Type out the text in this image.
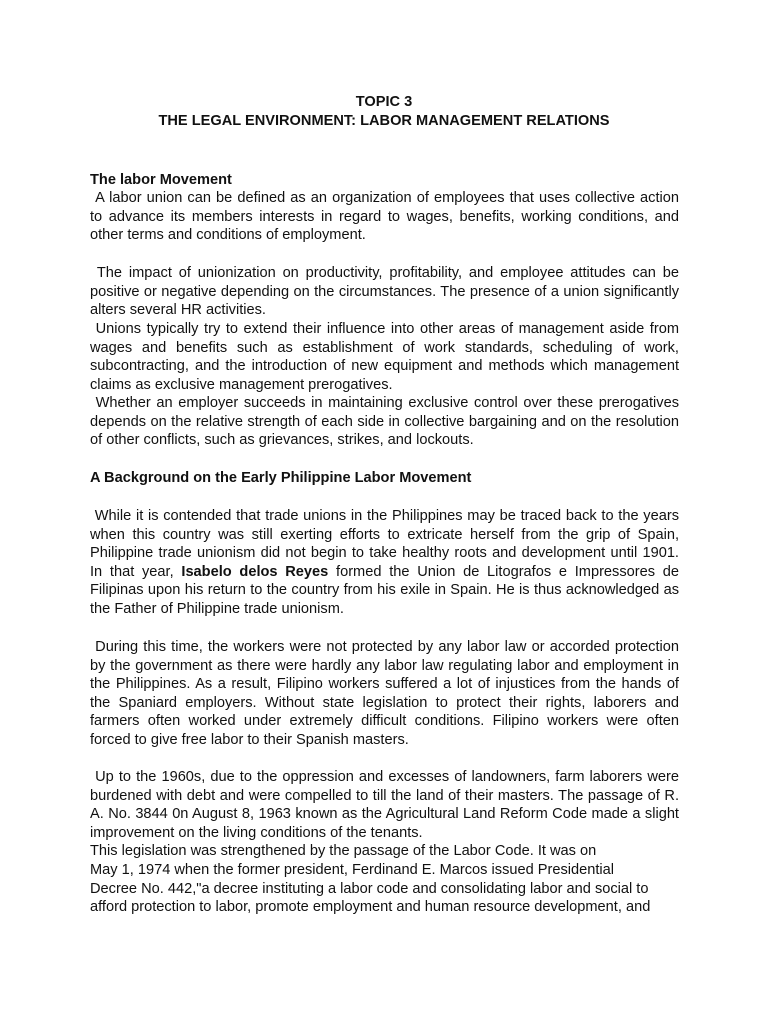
TOPIC 3
THE LEGAL ENVIRONMENT: LABOR MANAGEMENT RELATIONS
The labor Movement
A labor union can be defined as an organization of employees that uses collective action to advance its members interests in regard to wages, benefits, working conditions, and other terms and conditions of employment.
The impact of unionization on productivity, profitability, and employee attitudes can be positive or negative depending on the circumstances. The presence of a union significantly alters several HR activities.
Unions typically try to extend their influence into other areas of management aside from wages and benefits such as establishment of work standards, scheduling of work, subcontracting, and the introduction of new equipment and methods which management claims as exclusive management prerogatives.
Whether an employer succeeds in maintaining exclusive control over these prerogatives depends on the relative strength of each side in collective bargaining and on the resolution of other conflicts, such as grievances, strikes, and lockouts.
A Background on the Early Philippine Labor Movement
While it is contended that trade unions in the Philippines may be traced back to the years when this country was still exerting efforts to extricate herself from the grip of Spain, Philippine trade unionism did not begin to take healthy roots and development until 1901. In that year, Isabelo delos Reyes formed the Union de Litografos e Impressores de Filipinas upon his return to the country from his exile in Spain. He is thus acknowledged as the Father of Philippine trade unionism.
During this time, the workers were not protected by any labor law or accorded protection by the government as there were hardly any labor law regulating labor and employment in the Philippines. As a result, Filipino workers suffered a lot of injustices from the hands of the Spaniard employers. Without state legislation to protect their rights, laborers and farmers often worked under extremely difficult conditions. Filipino workers were often forced to give free labor to their Spanish masters.
Up to the 1960s, due to the oppression and excesses of landowners, farm laborers were burdened with debt and were compelled to till the land of their masters. The passage of R. A. No. 3844 0n August 8, 1963 known as the Agricultural Land Reform Code made a slight improvement on the living conditions of the tenants.
This legislation was strengthened by the passage of the Labor Code. It was on
May 1, 1974 when the former president, Ferdinand E. Marcos issued Presidential
Decree No. 442,"a decree instituting a labor code and consolidating labor and social to
afford protection to labor, promote employment and human resource development, and
